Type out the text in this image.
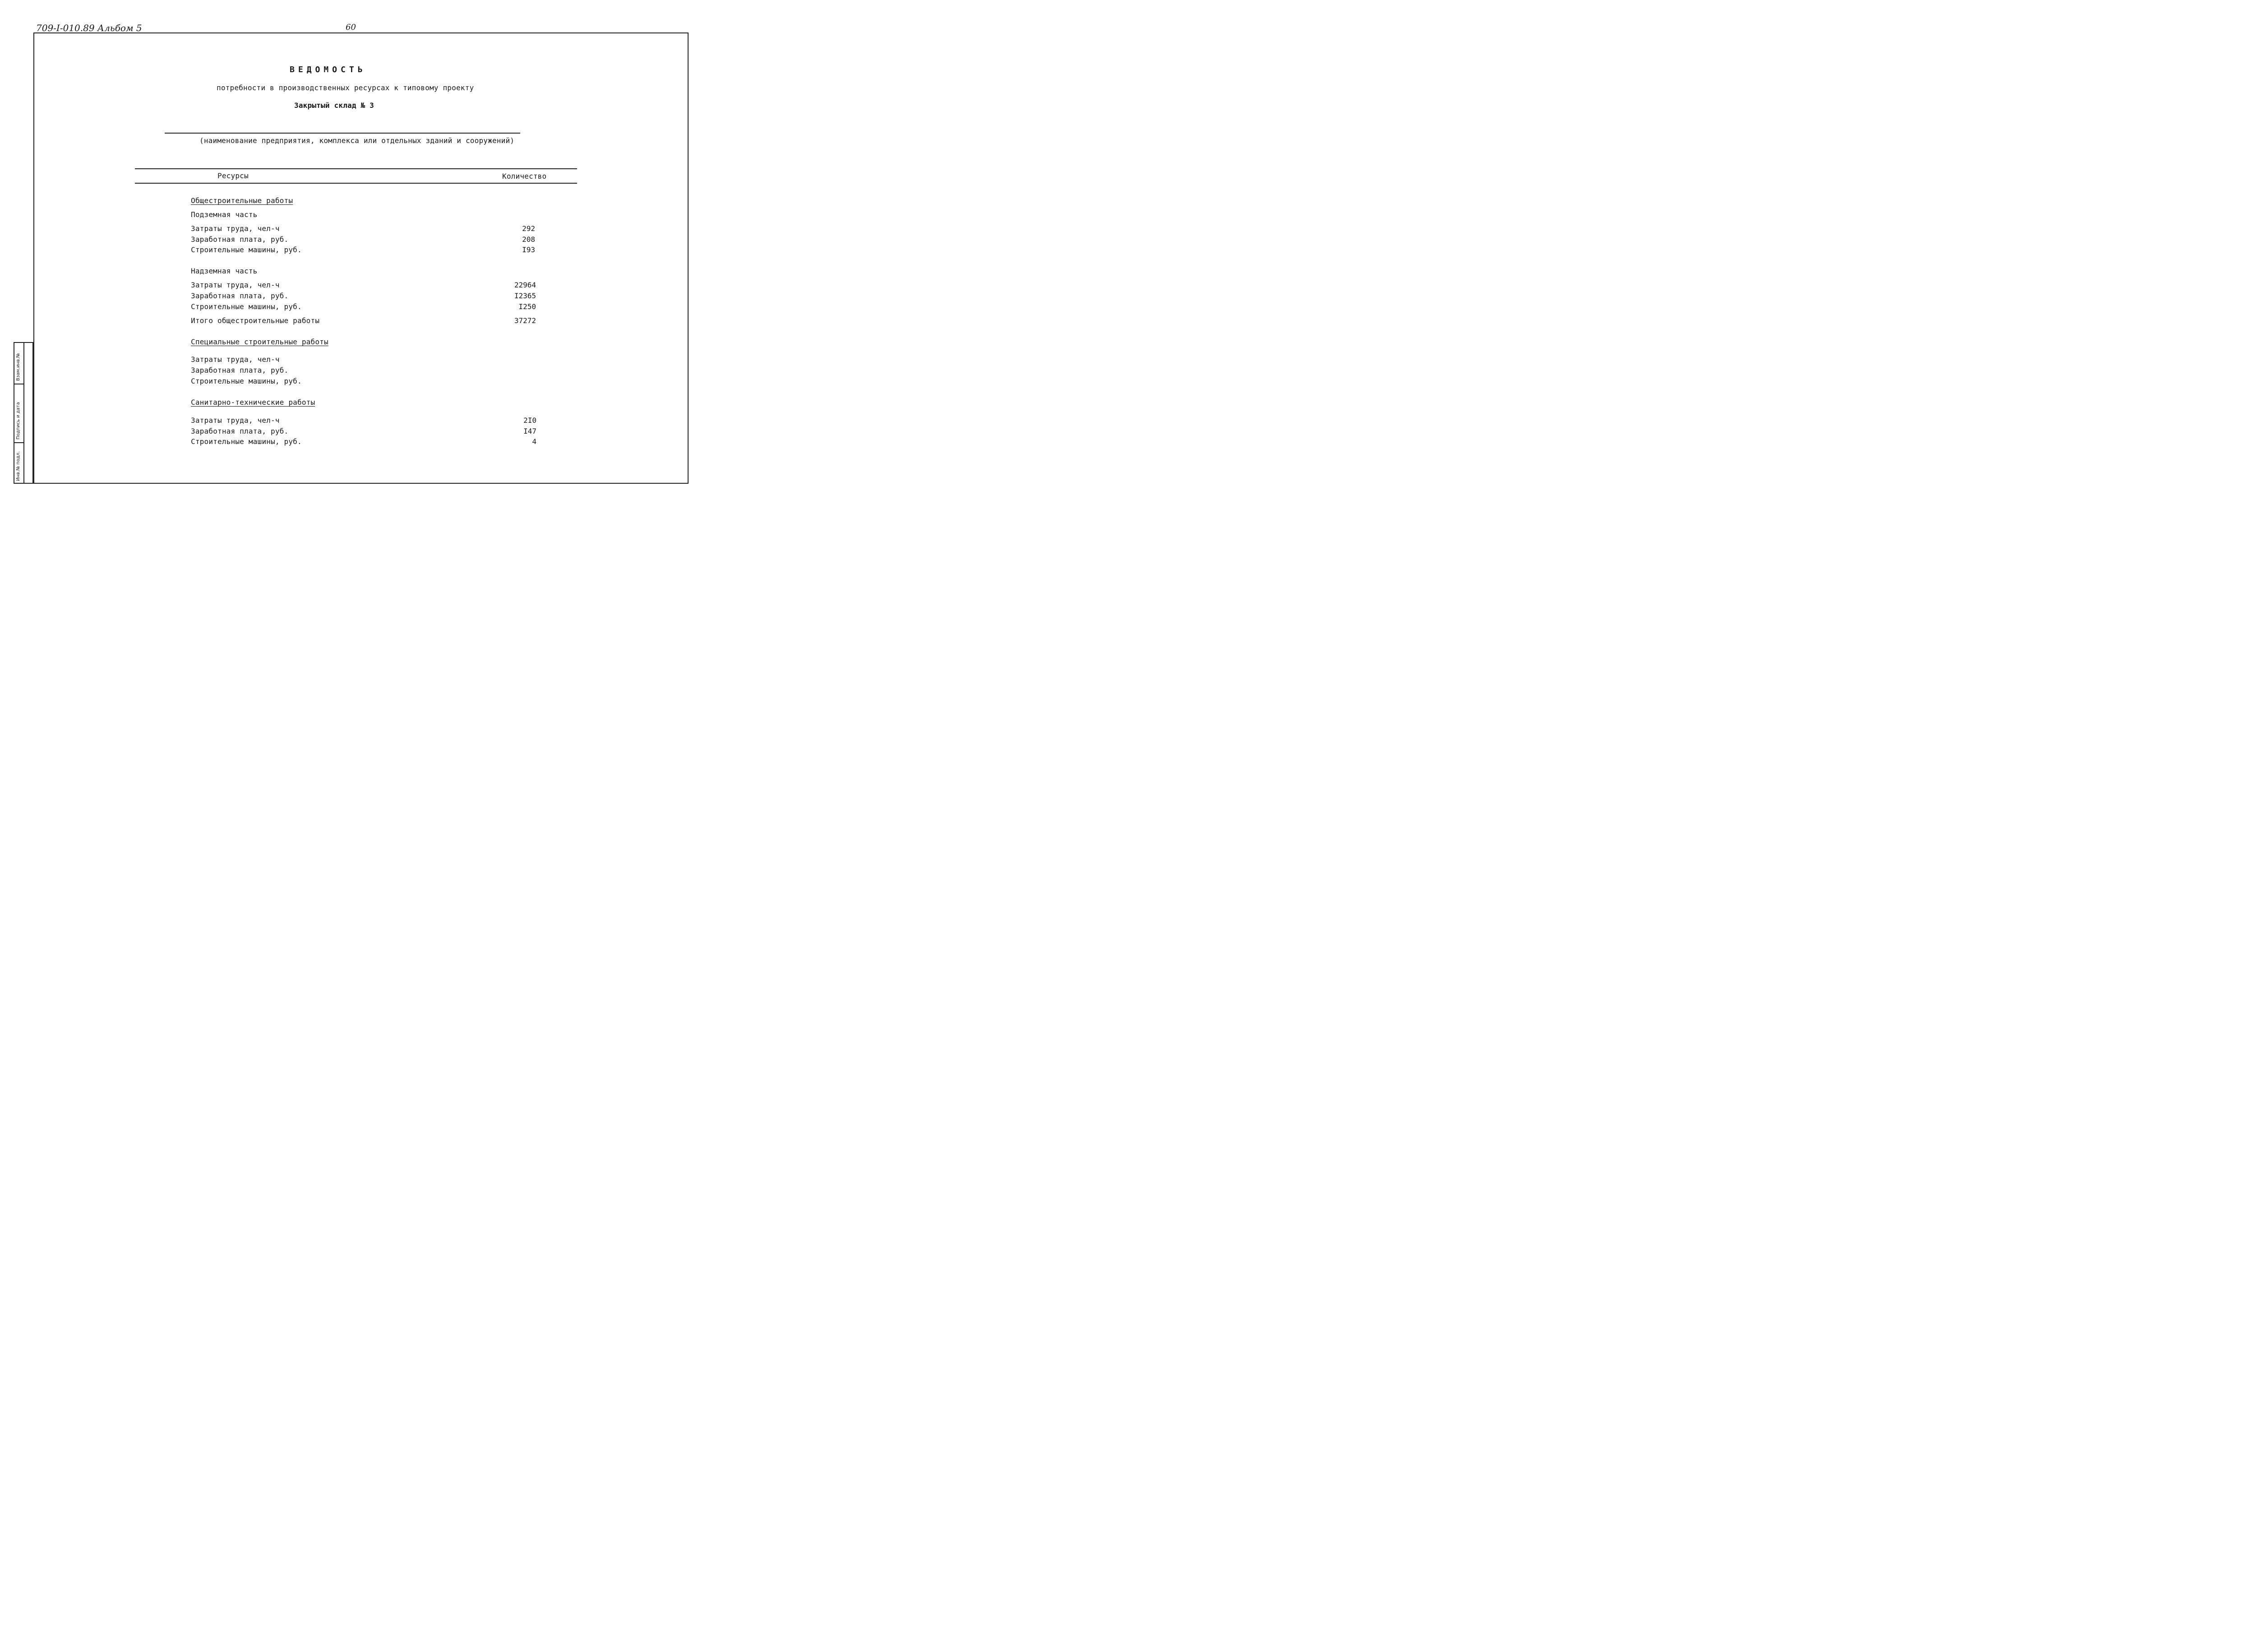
709-I-010.89 Альбом 5	60
ВЕДОМОСТЬ
потребности в производственных ресурсах к типовому проекту
Закрытый склад № 3
(наименование предприятия, комплекса или отдельных зданий и сооружений)
Ресурсы	Количество
Общестроительные работы
Подземная часть
Затраты труда, чел-ч	292
Заработная плата, руб.	208
Строительные машины, руб.	I93
Надземная часть
Затраты труда, чел-ч	22964
Заработная плата, руб.	I2365
Строительные машины, руб.	I250
Итого общестроительные работы	37272
Специальные строительные работы
Затраты труда, чел-ч
Заработная плата, руб.
Строительные машины, руб.
Санитарно-технические работы
Затраты труда, чел-ч	2I0
Заработная плата, руб.	I47
Строительные машины, руб.	4
Взам.инв.№
Подпись и дата
Инв.№ подл.
